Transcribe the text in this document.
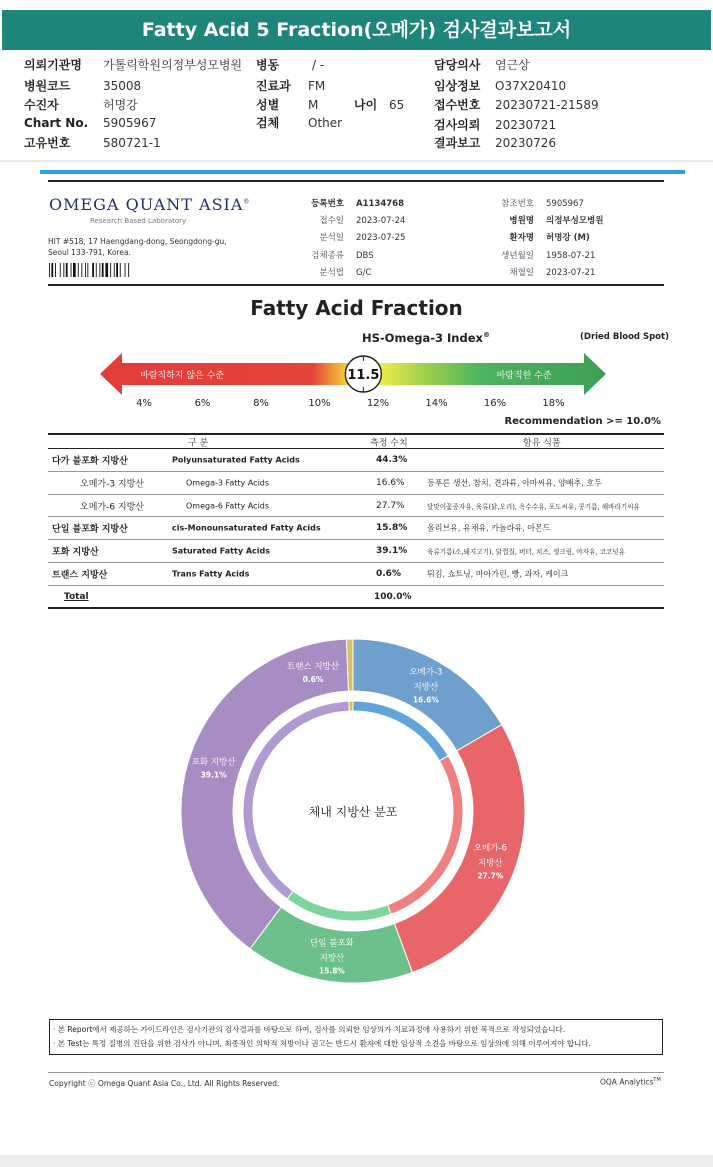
Fatty Acid 5 Fraction(오메가) 검사결과보고서
의뢰기관명 가톨릭학원의정부성모병원
병원코드	35008
수진자	허명강
Chart No. 5905967
고유번호	580721-1
병동	/ -
진료과 FM
성별 M	나이 65
검체 Other
담당의사 염근상
임상정보 O37X20410
접수번호 20230721-21589
검사의뢰 20230721
결과보고 20230726
OMEGA QUANT ASIA®
Research Based Laboratory
HIT #518, 17 Haengdang-dong, Seongdong-gu,
Seoul 133-791, Korea.
등록번호 A1134768
접수일 2023-07-24
분석일 2023-07-25
검체종류 DBS
분석법 G/C
참조번호 5905967
병원명 의정부성모병원
환자명 허명강 (M)
생년월일 1958-07-21
채혈일 2023-07-21
Fatty Acid Fraction
HS-Omega-3 Index®	(Dried Blood Spot)
바람직하지 않은 수준	바람직한 수준
11.5
4%	6%	8%	10%	12%	14%	16%	18%
Recommendation >= 10.0%
구 분	측정 수치	함유 식품
다가 불포화 지방산	Polyunsaturated Fatty Acids	44.3%
오메가-3 지방산	Omega-3 Fatty Acids	16.6%	등푸른 생선, 참치, 견과류, 아마씨유, 양배추, 호두
오메가-6 지방산	Omega-6 Fatty Acids	27.7%	달맞이꽃종자유, 육류(닭,오리), 옥수수유, 포도씨유, 콩기름, 해바라기씨유
단일 불포화 지방산	cis-Monounsaturated Fatty Acids	15.8% 올리브유, 유채유, 카놀라유, 아몬드
포화 지방산	Saturated Fatty Acids	39.1%	육류기름(소,돼지고기), 닭껍질, 버터, 치즈, 생크림, 야자유, 코코넛유
트랜스 지방산	Trans Fatty Acids	0.6%	튀김, 쇼트닝, 마아가린, 빵, 과자, 케이크
Total	100.0%
오메가-3
지방산
16.6%
오메가-6
지방산
27.7%
단일 불포화
지방산
15.8%
포화 지방산
39.1%
트랜스 지방산
0.6%
체내 지방산 분포
· 본 Report에서 제공하는 가이드라인은 검사기관의 검사결과를 바탕으로 하여, 검사를 의뢰한 임상의가 치료과정에 사용하기 위한 목적으로 작성되었습니다.
· 본 Test는 특정 질병의 진단을 위한 검사가 아니며, 최종적인 의학적 처방이나 권고는 반드시 환자에 대한 임상적 소견을 바탕으로 임상의에 의해 이루어져야 합니다.
Copyright ⓒ Omega Quant Asia Co., Ltd. All Rights Reserved.	OQA Analytics™
